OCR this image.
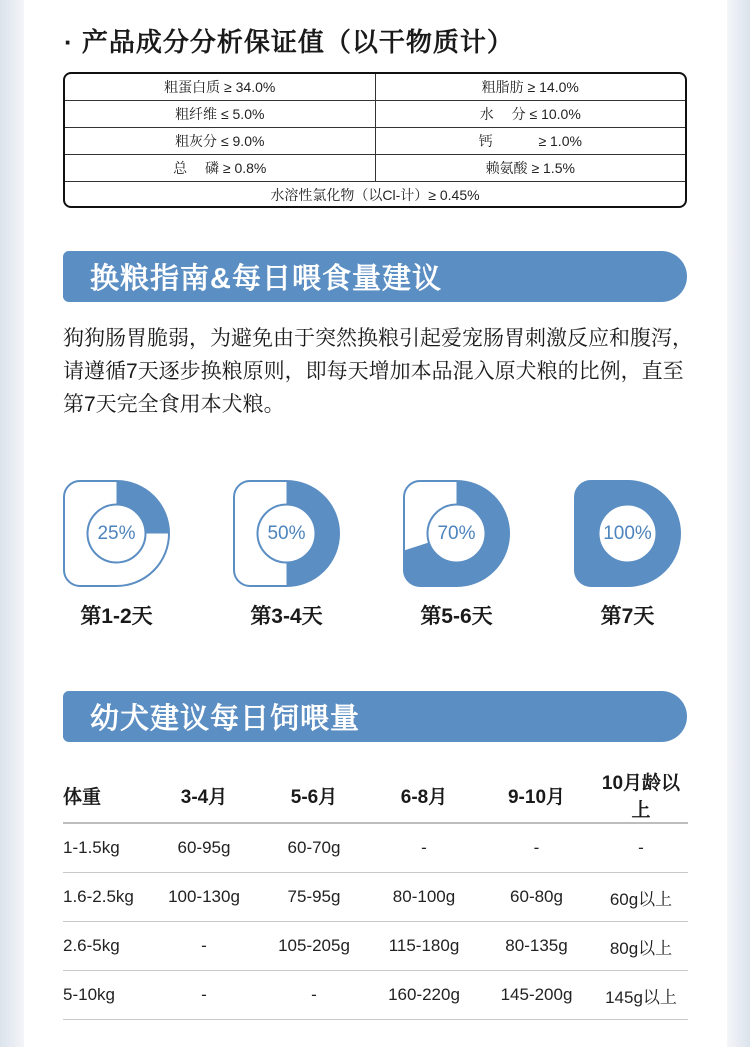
· 产品成分分析保证值（以干物质计）
粗蛋白质 ≥ 34.0%	粗脂肪 ≥ 14.0%
粗纤维 ≤ 5.0%	水　 分 ≤ 10.0%
粗灰分 ≤ 9.0%	钙　　　 ≥ 1.0%
总　 磷 ≥ 0.8%	赖氨酸 ≥ 1.5%
水溶性氯化物（以Cl-计）≥ 0.45%
换粮指南&每日喂食量建议

狗狗肠胃脆弱，为避免由于突然换粮引起爱宠肠胃刺激反应和腹泻，请遵循7天逐步换粮原则，即每天增加本品混入原犬粮的比例，直至第7天完全食用本犬粮。

25%
第1-2天
50%
第3-4天
70%
第5-6天
100%
第7天
幼犬建议每日饲喂量
体重	3-4月	5-6月	6-8月	9-10月	10月龄以上
1-1.5kg	60-95g	60-70g	-	-	-
1.6-2.5kg	100-130g	75-95g	80-100g	60-80g	60g以上
2.6-5kg	-	105-205g	115-180g	80-135g	80g以上
5-10kg	-	-	160-220g	145-200g	145g以上
